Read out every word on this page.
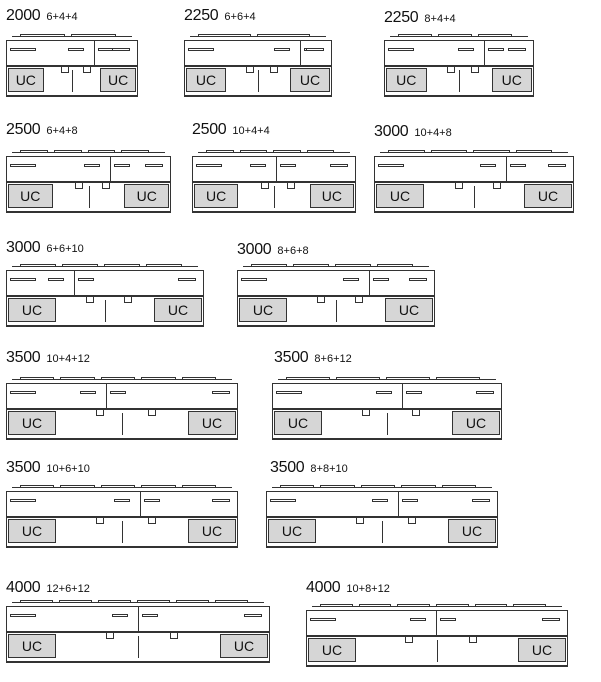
2000 6+4+4
UC	UC
2250 6+6+4
UC	UC
2250 8+4+4
UC	UC
2500 6+4+8
UC	UC
2500 10+4+4
UC	UC
3000 10+4+8
UC	UC
3000 6+6+10
UC	UC
3000 8+6+8
UC	UC
3500 10+4+12
UC	UC
3500 8+6+12
UC	UC
3500 10+6+10
UC	UC
3500 8+8+10
UC	UC
4000 12+6+12
UC	UC
4000 10+8+12
UC	UC
